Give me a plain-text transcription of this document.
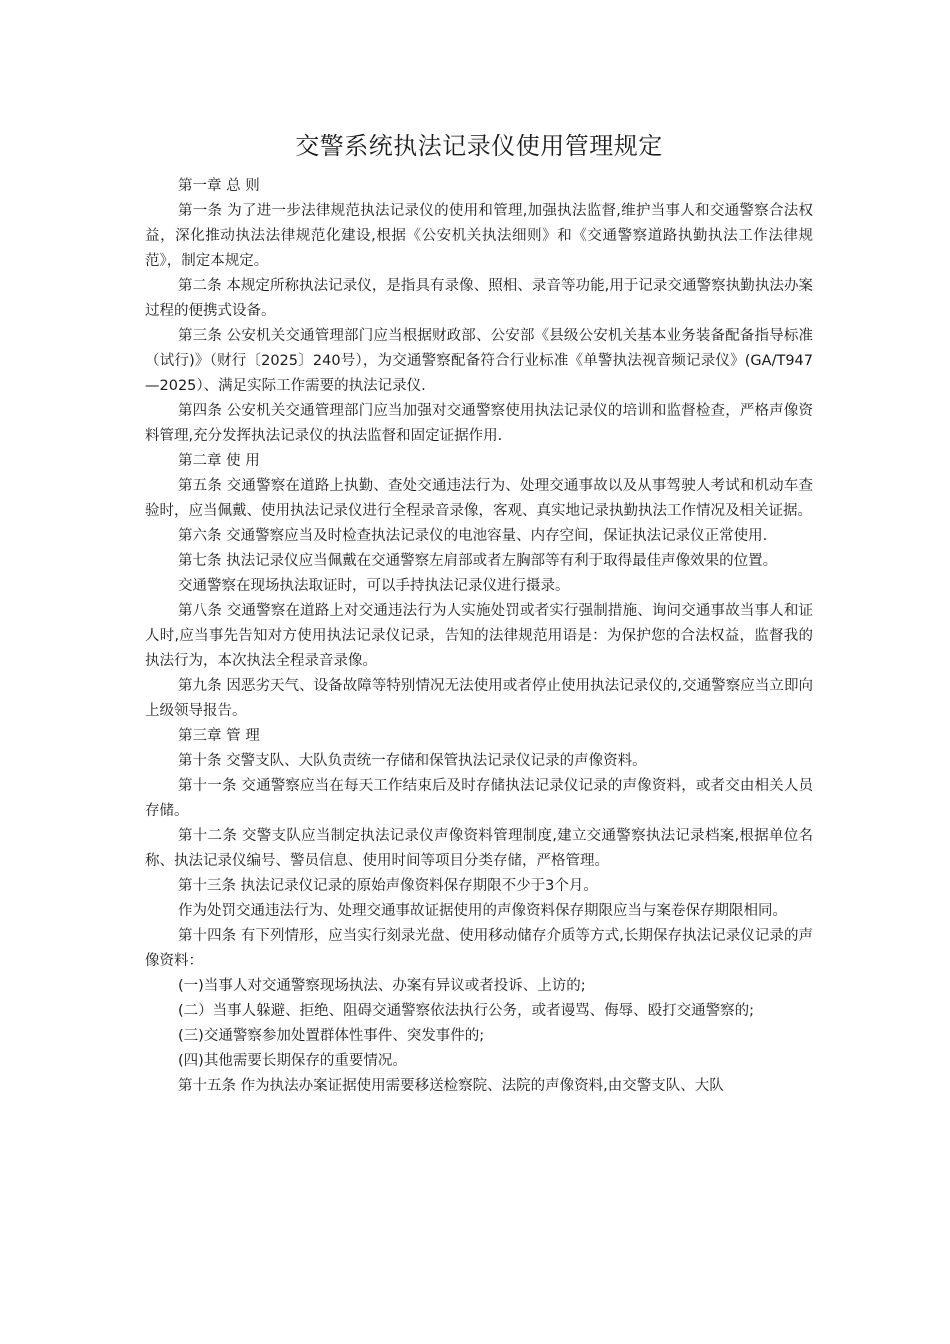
交警系统执法记录仪使用管理规定

第一章 总 则

第一条 为了进一步法律规范执法记录仪的使用和管理,加强执法监督,维护当事人和交通警察合法权益，深化推动执法法律规范化建设,根据《公安机关执法细则》和《交通警察道路执勤执法工作法律规范》，制定本规定。

第二条 本规定所称执法记录仪，是指具有录像、照相、录音等功能,用于记录交通警察执勤执法办案过程的便携式设备。

第三条 公安机关交通管理部门应当根据财政部、公安部《县级公安机关基本业务装备配备指导标准（试行)》（财行〔2025〕240号），为交通警察配备符合行业标准《单警执法视音频记录仪》(GA/T947—2025）、满足实际工作需要的执法记录仪.

第四条 公安机关交通管理部门应当加强对交通警察使用执法记录仪的培训和监督检查，严格声像资料管理,充分发挥执法记录仪的执法监督和固定证据作用.

第二章 使 用

第五条 交通警察在道路上执勤、查处交通违法行为、处理交通事故以及从事驾驶人考试和机动车查验时，应当佩戴、使用执法记录仪进行全程录音录像，客观、真实地记录执勤执法工作情况及相关证据。

第六条 交通警察应当及时检查执法记录仪的电池容量、内存空间，保证执法记录仪正常使用.

第七条 执法记录仪应当佩戴在交通警察左肩部或者左胸部等有利于取得最佳声像效果的位置。

交通警察在现场执法取证时，可以手持执法记录仪进行摄录。

第八条 交通警察在道路上对交通违法行为人实施处罚或者实行强制措施、询问交通事故当事人和证人时,应当事先告知对方使用执法记录仪记录，告知的法律规范用语是：为保护您的合法权益，监督我的执法行为，本次执法全程录音录像。

第九条 因恶劣天气、设备故障等特别情况无法使用或者停止使用执法记录仪的,交通警察应当立即向上级领导报告。

第三章 管 理

第十条 交警支队、大队负责统一存储和保管执法记录仪记录的声像资料。

第十一条 交通警察应当在每天工作结束后及时存储执法记录仪记录的声像资料，或者交由相关人员存储。

第十二条 交警支队应当制定执法记录仪声像资料管理制度,建立交通警察执法记录档案,根据单位名称、执法记录仪编号、警员信息、使用时间等项目分类存储，严格管理。

第十三条 执法记录仪记录的原始声像资料保存期限不少于3个月。

作为处罚交通违法行为、处理交通事故证据使用的声像资料保存期限应当与案卷保存期限相同。

第十四条 有下列情形，应当实行刻录光盘、使用移动储存介质等方式,长期保存执法记录仪记录的声像资料：

(一)当事人对交通警察现场执法、办案有异议或者投诉、上访的;

(二）当事人躲避、拒绝、阻碍交通警察依法执行公务，或者谩骂、侮辱、殴打交通警察的;

(三)交通警察参加处置群体性事件、突发事件的;

(四)其他需要长期保存的重要情况。

第十五条 作为执法办案证据使用需要移送检察院、法院的声像资料,由交警支队、大队
